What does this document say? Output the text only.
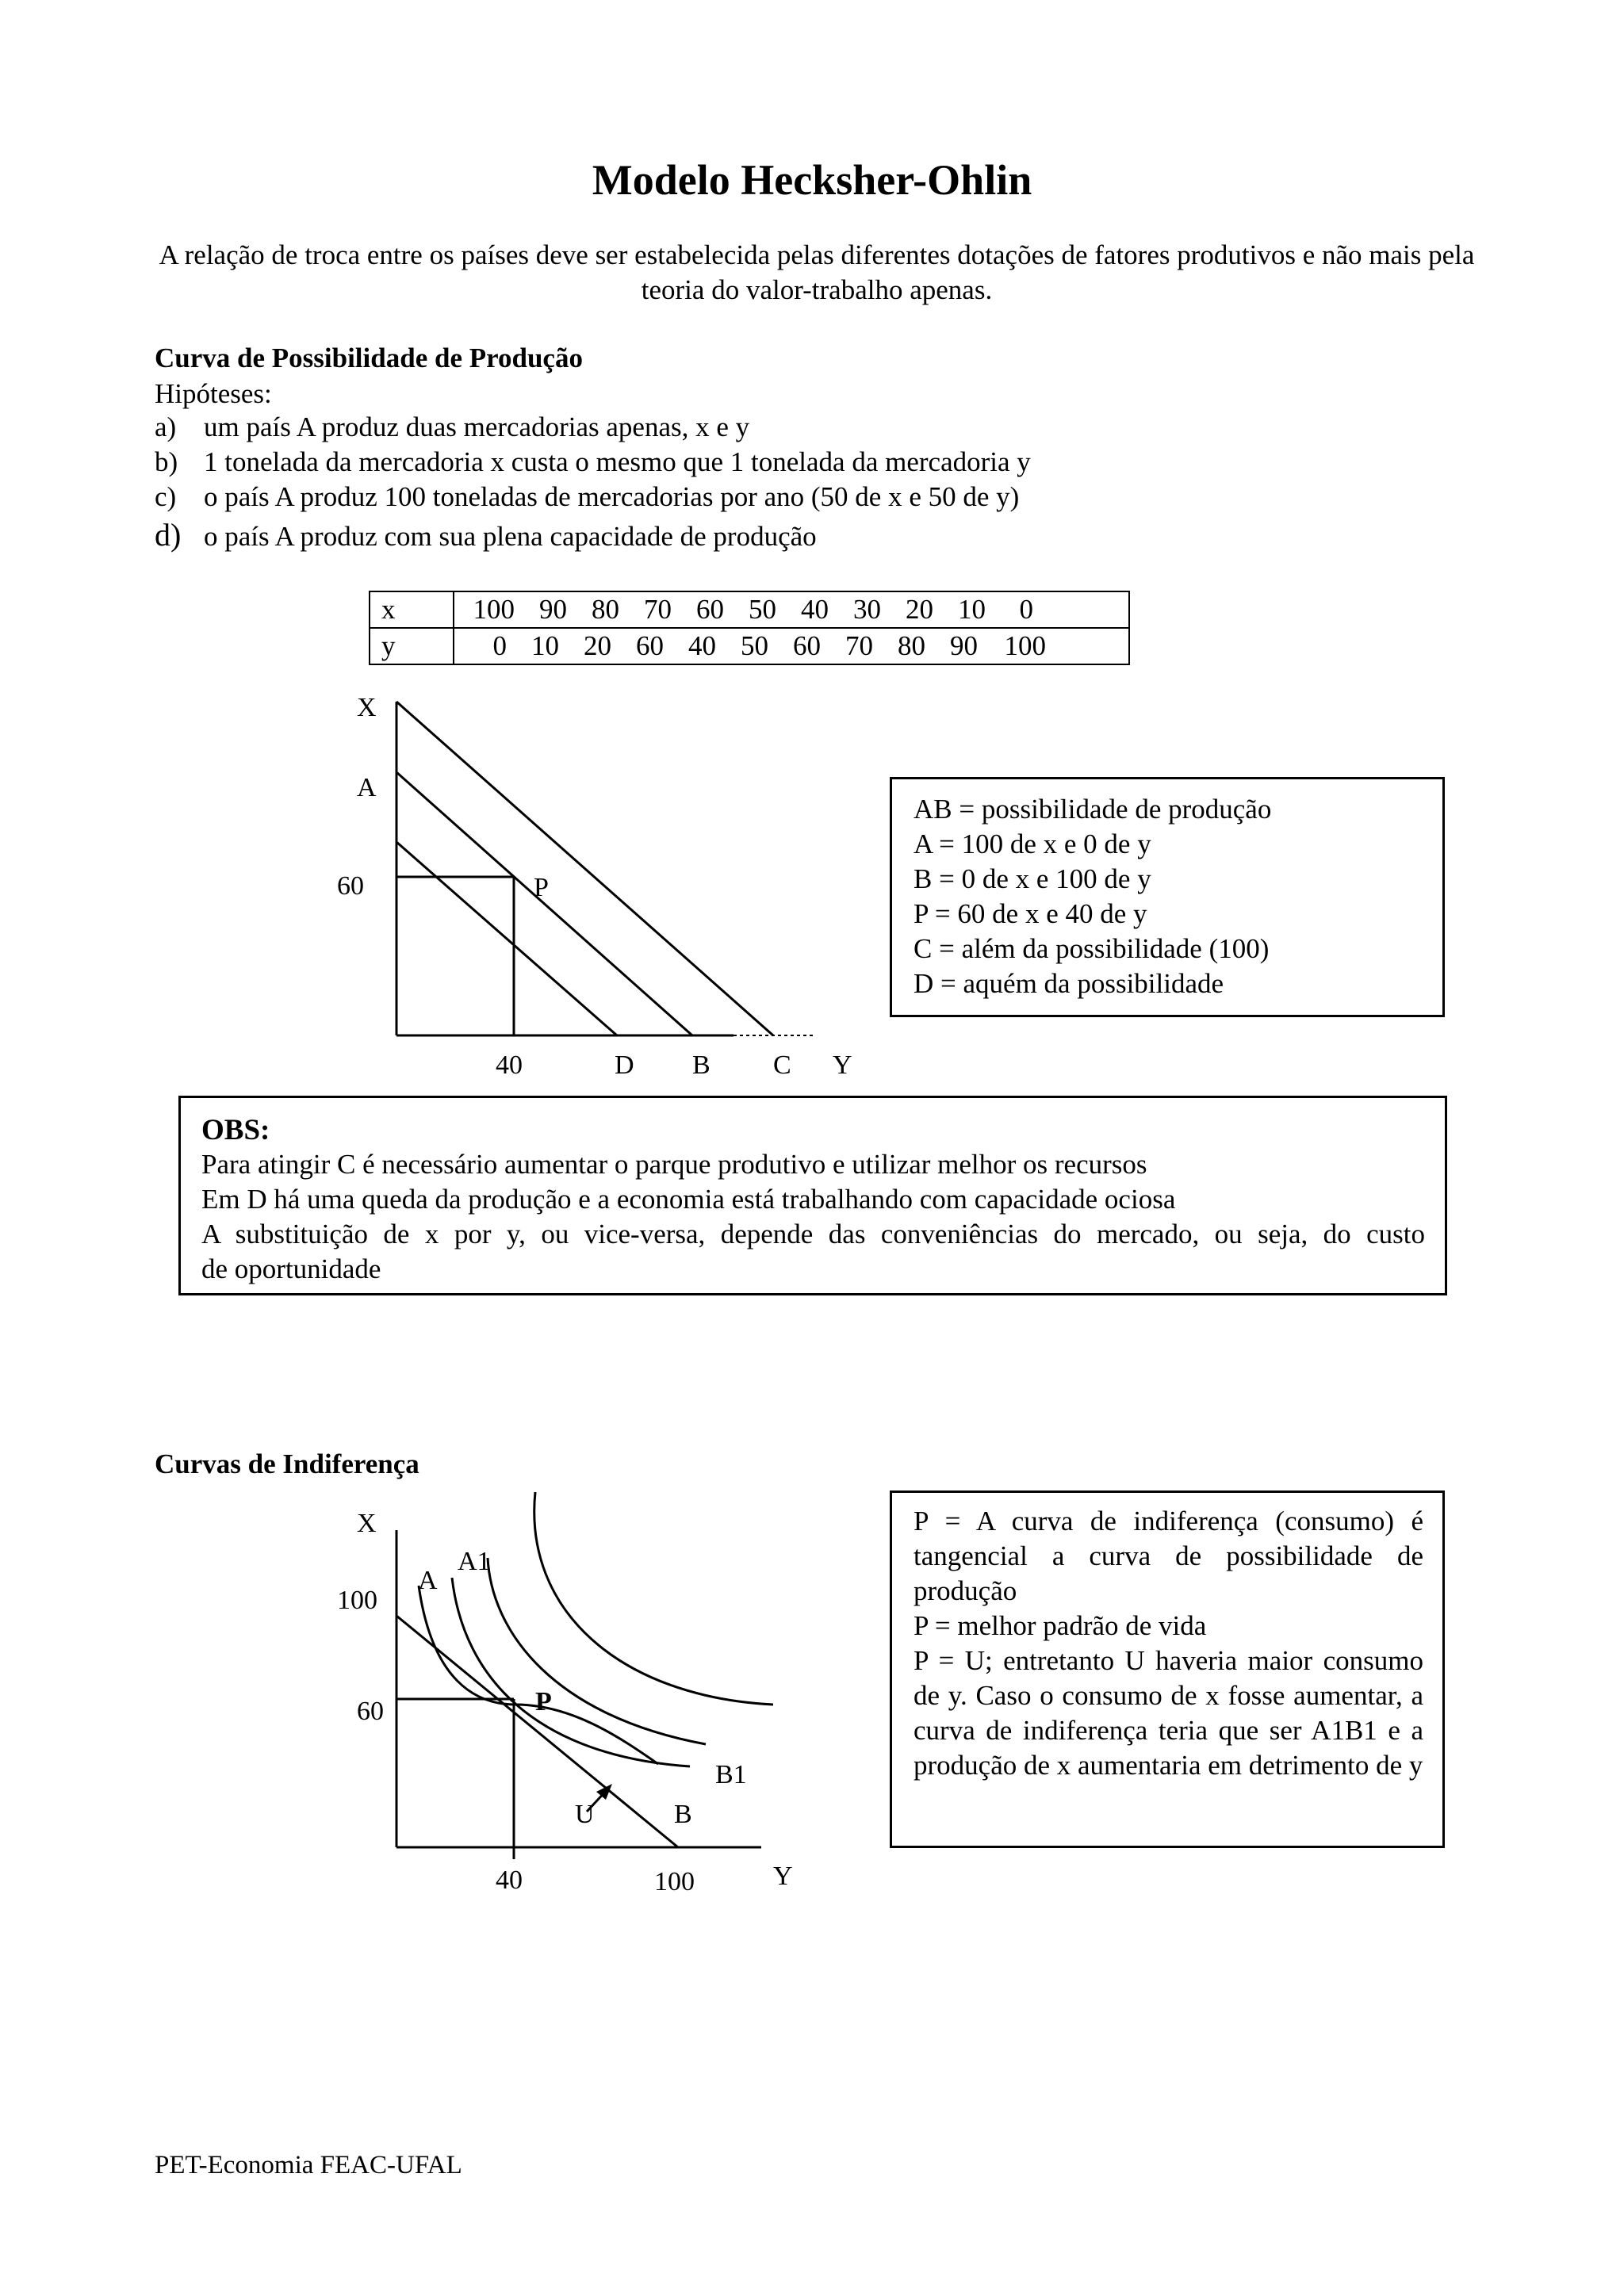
Modelo Hecksher-Ohlin
A relação de troca entre os países deve ser estabelecida pelas diferentes dotações de fatores produtivos e não mais pela teoria do valor-trabalho apenas.
Curva de Possibilidade de Produção
Hipóteses:
a) um país A produz duas mercadorias apenas, x e y
b) 1 tonelada da mercadoria x custa o mesmo que 1 tonelada da mercadoria y
c) o país A produz 100 toneladas de mercadorias por ano (50 de x e 50 de y)
d) o país A produz com sua plena capacidade de produção
x	100 90 80 70 60 50 40 30 20 10 0
y	0 10 20 60 40 50 60 70 80 90 100
X
A
60	P
40	D B C Y
AB = possibilidade de produção
A = 100 de x e 0 de y
B = 0 de x e 100 de y
P = 60 de x e 40 de y
C = além da possibilidade (100)
D = aquém da possibilidade
OBS:
Para atingir C é necessário aumentar o parque produtivo e utilizar melhor os recursos
Em D há uma queda da produção e a economia está trabalhando com capacidade ociosa
A substituição de x por y, ou vice-versa, depende das conveniências do mercado, ou seja, do custo
de oportunidade
Curvas de Indiferença
X
A1
A
100
60	P
B1
U	B
40	100	Y
P = A curva de indiferença (consumo) é tangencial a curva de possibilidade de produção
P = melhor padrão de vida
P = U; entretanto U haveria maior consumo de y. Caso o consumo de x fosse aumentar, a curva de indiferença teria que ser A1B1 e a produção de x aumentaria em detrimento de y
PET-Economia FEAC-UFAL
